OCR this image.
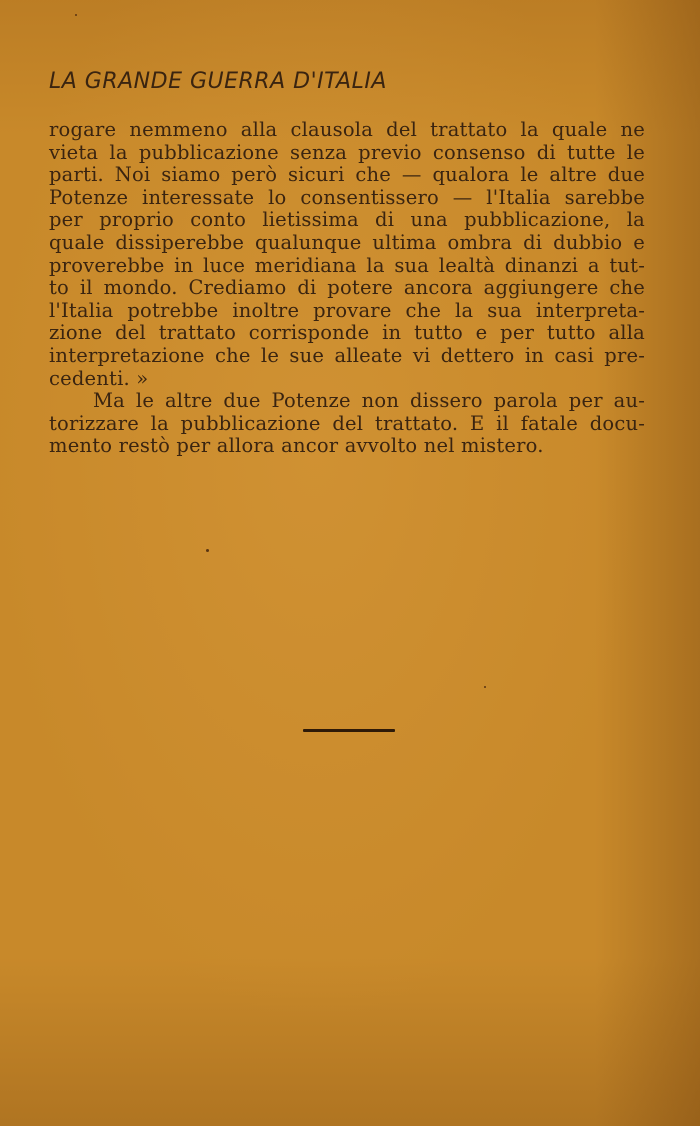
LA GRANDE GUERRA D'ITALIA
rogare nemmeno alla clausola del trattato la quale ne
vieta la pubblicazione senza previo consenso di tutte le
parti. Noi siamo però sicuri che — qualora le altre due
Potenze interessate lo consentissero — l'Italia sarebbe
per proprio conto lietissima di una pubblicazione, la
quale dissiperebbe qualunque ultima ombra di dubbio e
proverebbe in luce meridiana la sua lealtà dinanzi a tut-
to il mondo. Crediamo di potere ancora aggiungere che
l'Italia potrebbe inoltre provare che la sua interpreta-
zione del trattato corrisponde in tutto e per tutto alla
interpretazione che le sue alleate vi dettero in casi pre-
cedenti. »
Ma le altre due Potenze non dissero parola per au-
torizzare la pubblicazione del trattato. E il fatale docu-
mento restò per allora ancor avvolto nel mistero.
